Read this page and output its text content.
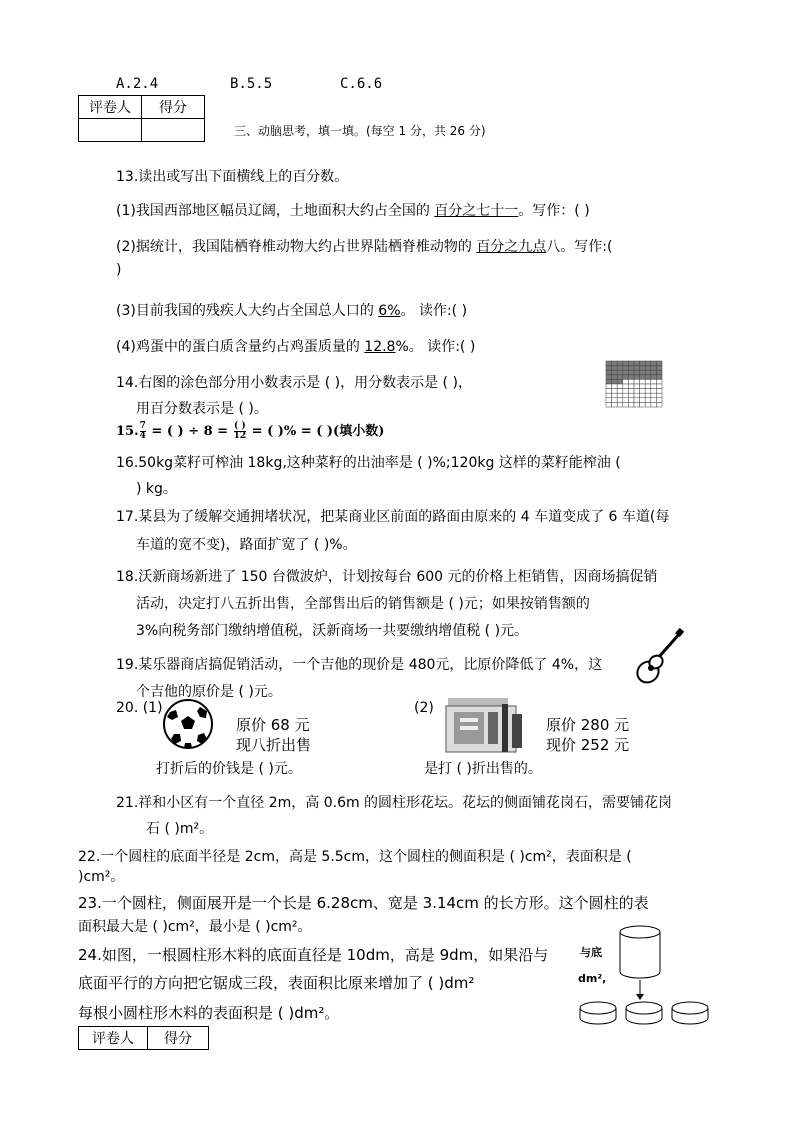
A.2.4	B.5.5	C.6.6
评卷人	得分

三、动脑思考，填一填。(每空 1 分，共 26 分)
13.读出或写出下面横线上的百分数。
(1)我国西部地区幅员辽阔，土地面积大约占全国的 百分之七十一。写作：( )
(2)据统计，我国陆栖脊椎动物大约占世界陆栖脊椎动物的 百分之九点八。写作:(
)
(3)目前我国的残疾人大约占全国总人口的 6%。 读作:( )
(4)鸡蛋中的蛋白质含量约占鸡蛋质量的 12.8%。 读作:( )
14.右图的涂色部分用小数表示是 ( )，用分数表示是 ( )，
用百分数表示是 ( )。
15. $\frac{7}{4}$ = ( ) ÷ $8 = \frac{( )}{12}$ = ( )% = ( )(填小数)
16.50kg菜籽可榨油 18kg,这种菜籽的出油率是 ( )%;120kg 这样的菜籽能榨油 (
) kg。
17.某县为了缓解交通拥堵状况，把某商业区前面的路面由原来的 4 车道变成了 6 车道(每
车道的宽不变)，路面扩宽了 ( )%。
18.沃新商场新进了 150 台微波炉，计划按每台 600 元的价格上柜销售，因商场搞促销
活动，决定打八五折出售，全部售出后的销售额是 ( )元；如果按销售额的
3%向税务部门缴纳增值税，沃新商场一共要缴纳增值税 ( )元。
19.某乐器商店搞促销活动，一个吉他的现价是 480元，比原价降低了 4%，这
个吉他的原价是 ( )元。
20. (1)
原价 68 元
现八折出售
打折后的价钱是 ( )元。
(2)
原价 280 元
现价 252 元
是打 ( )折出售的。
21.祥和小区有一个直径 2m，高 0.6m 的圆柱形花坛。花坛的侧面铺花岗石，需要铺花岗
石 ( )m²。
22.一个圆柱的底面半径是 2cm，高是 5.5cm，这个圆柱的侧面积是 ( )cm²，表面积是 (
)cm²。
23.一个圆柱，侧面展开是一个长是 6.28cm、宽是 3.14cm 的长方形。这个圆柱的表
面积最大是 ( )cm²，最小是 ( )cm²。
24.如图，一根圆柱形木料的底面直径是 10dm，高是 9dm，如果沿与
底面平行的方向把它锯成三段，表面积比原来增加了 ( )dm²
每根小圆柱形木料的表面积是 ( )dm²。
与底
dm²,
评卷人	得分
